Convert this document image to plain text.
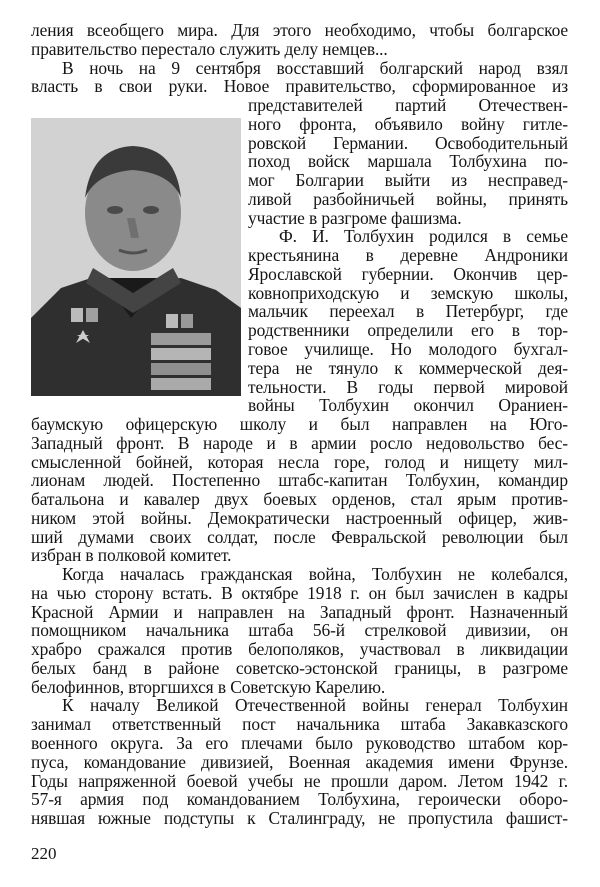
ления всеобщего мира. Для этого необходимо, чтобы болгарское
правительство перестало служить делу немцев...
В ночь на 9 сентября восставший болгарский народ взял
власть в свои руки. Новое правительство, сформированное из
представителей партий Отечествен-
ного фронта, объявило войну гитле-
ровской Германии. Освободительный
поход войск маршала Толбухина по-
мог Болгарии выйти из несправед-
ливой разбойничьей войны, принять
участие в разгроме фашизма.
Ф. И. Толбухин родился в семье
крестьянина в деревне Андроники
Ярославской губернии. Окончив цер-
ковноприходскую и земскую школы,
мальчик переехал в Петербург, где
родственники определили его в тор-
говое училище. Но молодого бухгал-
тера не тянуло к коммерческой дея-
тельности. В годы первой мировой
войны Толбухин окончил Ораниен-
баумскую офицерскую школу и был направлен на Юго-
Западный фронт. В народе и в армии росло недовольство бес-
смысленной бойней, которая несла горе, голод и нищету мил-
лионам людей. Постепенно штабс-капитан Толбухин, командир
батальона и кавалер двух боевых орденов, стал ярым против-
ником этой войны. Демократически настроенный офицер, жив-
ший думами своих солдат, после Февральской революции был
избран в полковой комитет.
Когда началась гражданская война, Толбухин не колебался,
на чью сторону встать. В октябре 1918 г. он был зачислен в кадры
Красной Армии и направлен на Западный фронт. Назначенный
помощником начальника штаба 56-й стрелковой дивизии, он
храбро сражался против белополяков, участвовал в ликвидации
белых банд в районе советско-эстонской границы, в разгроме
белофиннов, вторгшихся в Советскую Карелию.
К началу Великой Отечественной войны генерал Толбухин
занимал ответственный пост начальника штаба Закавказского
военного округа. За его плечами было руководство штабом кор-
пуса, командование дивизией, Военная академия имени Фрунзе.
Годы напряженной боевой учебы не прошли даром. Летом 1942 г.
57-я армия под командованием Толбухина, героически оборо-
нявшая южные подступы к Сталинграду, не пропустила фашист-
220
